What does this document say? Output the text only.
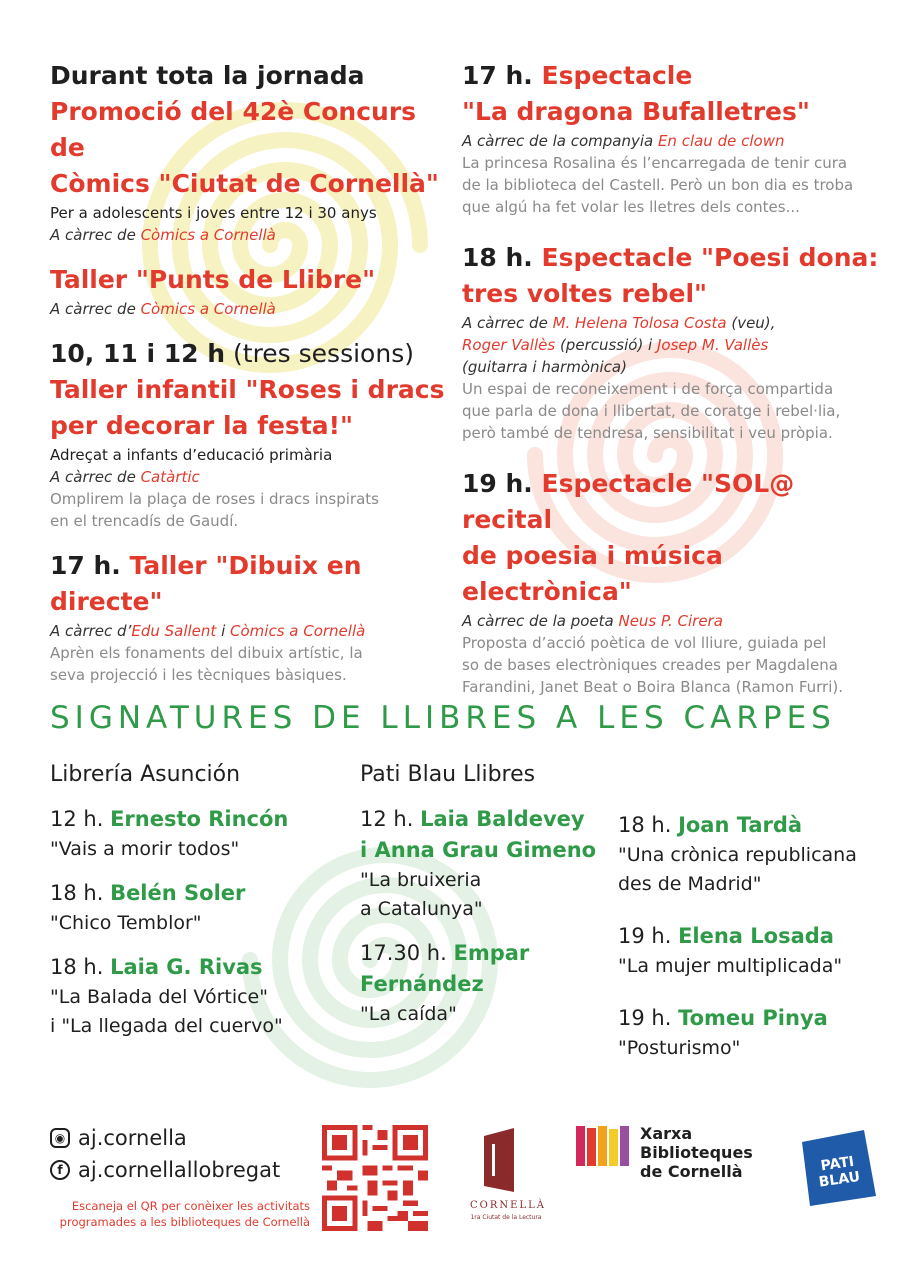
Durant tota la jornada

Promoció del 42è Concurs de

Còmics "Ciutat de Cornellà"

Per a adolescents i joves entre 12 i 30 anys

A càrrec de Còmics a Cornellà

Taller "Punts de Llibre"

A càrrec de Còmics a Cornellà

10, 11 i 12 h (tres sessions)

Taller infantil "Roses i dracs

per decorar la festa!"

Adreçat a infants d’educació primària

A càrrec de Catàrtic

Omplirem la plaça de roses i dracs inspirats

en el trencadís de Gaudí.

17 h. Taller "Dibuix en directe"

A càrrec d’Edu Sallent i Còmics a Cornellà

Aprèn els fonaments del dibuix artístic, la

seva projecció i les tècniques bàsiques.

17 h. Espectacle

"La dragona Bufalletres"

A càrrec de la companyia En clau de clown

La princesa Rosalina és l’encarregada de tenir cura

de la biblioteca del Castell. Però un bon dia es troba

que algú ha fet volar les lletres dels contes...

18 h. Espectacle "Poesi dona:

tres voltes rebel"

A càrrec de M. Helena Tolosa Costa (veu),

Roger Vallès (percussió) i Josep M. Vallès

(guitarra i harmònica)

Un espai de reconeixement i de força compartida

que parla de dona i llibertat, de coratge i rebel·lia,

però també de tendresa, sensibilitat i veu pròpia.

19 h. Espectacle "SOL@ recital

de poesia i música electrònica"

A càrrec de la poeta Neus P. Cirera

Proposta d’acció poètica de vol lliure, guiada pel

so de bases electròniques creades per Magdalena

Farandini, Janet Beat o Boira Blanca (Ramon Furri).

SIGNATURES DE LLIBRES A LES CARPES

Librería Asunción

12 h. Ernesto Rincón

"Vais a morir todos"

18 h. Belén Soler

"Chico Temblor"

18 h. Laia G. Rivas

"La Balada del Vórtice"

i "La llegada del cuervo"

Pati Blau Llibres

12 h. Laia Baldevey

i Anna Grau Gimeno

"La bruixeria

a Catalunya"

17.30 h. Empar

Fernández

"La caída"

18 h. Joan Tardà

"Una crònica republicana

des de Madrid"

19 h. Elena Losada

"La mujer multiplicada"

19 h. Tomeu Pinya

"Posturismo"

◉ aj.cornella
f aj.cornellallobregat
Escaneja el QR per conèixer les activitats
programades a les biblioteques de Cornellà
CORNELLÀ
1ra Ciutat de la Lectura
Xarxa
Biblioteques
de Cornellà	PATI
BLAU
